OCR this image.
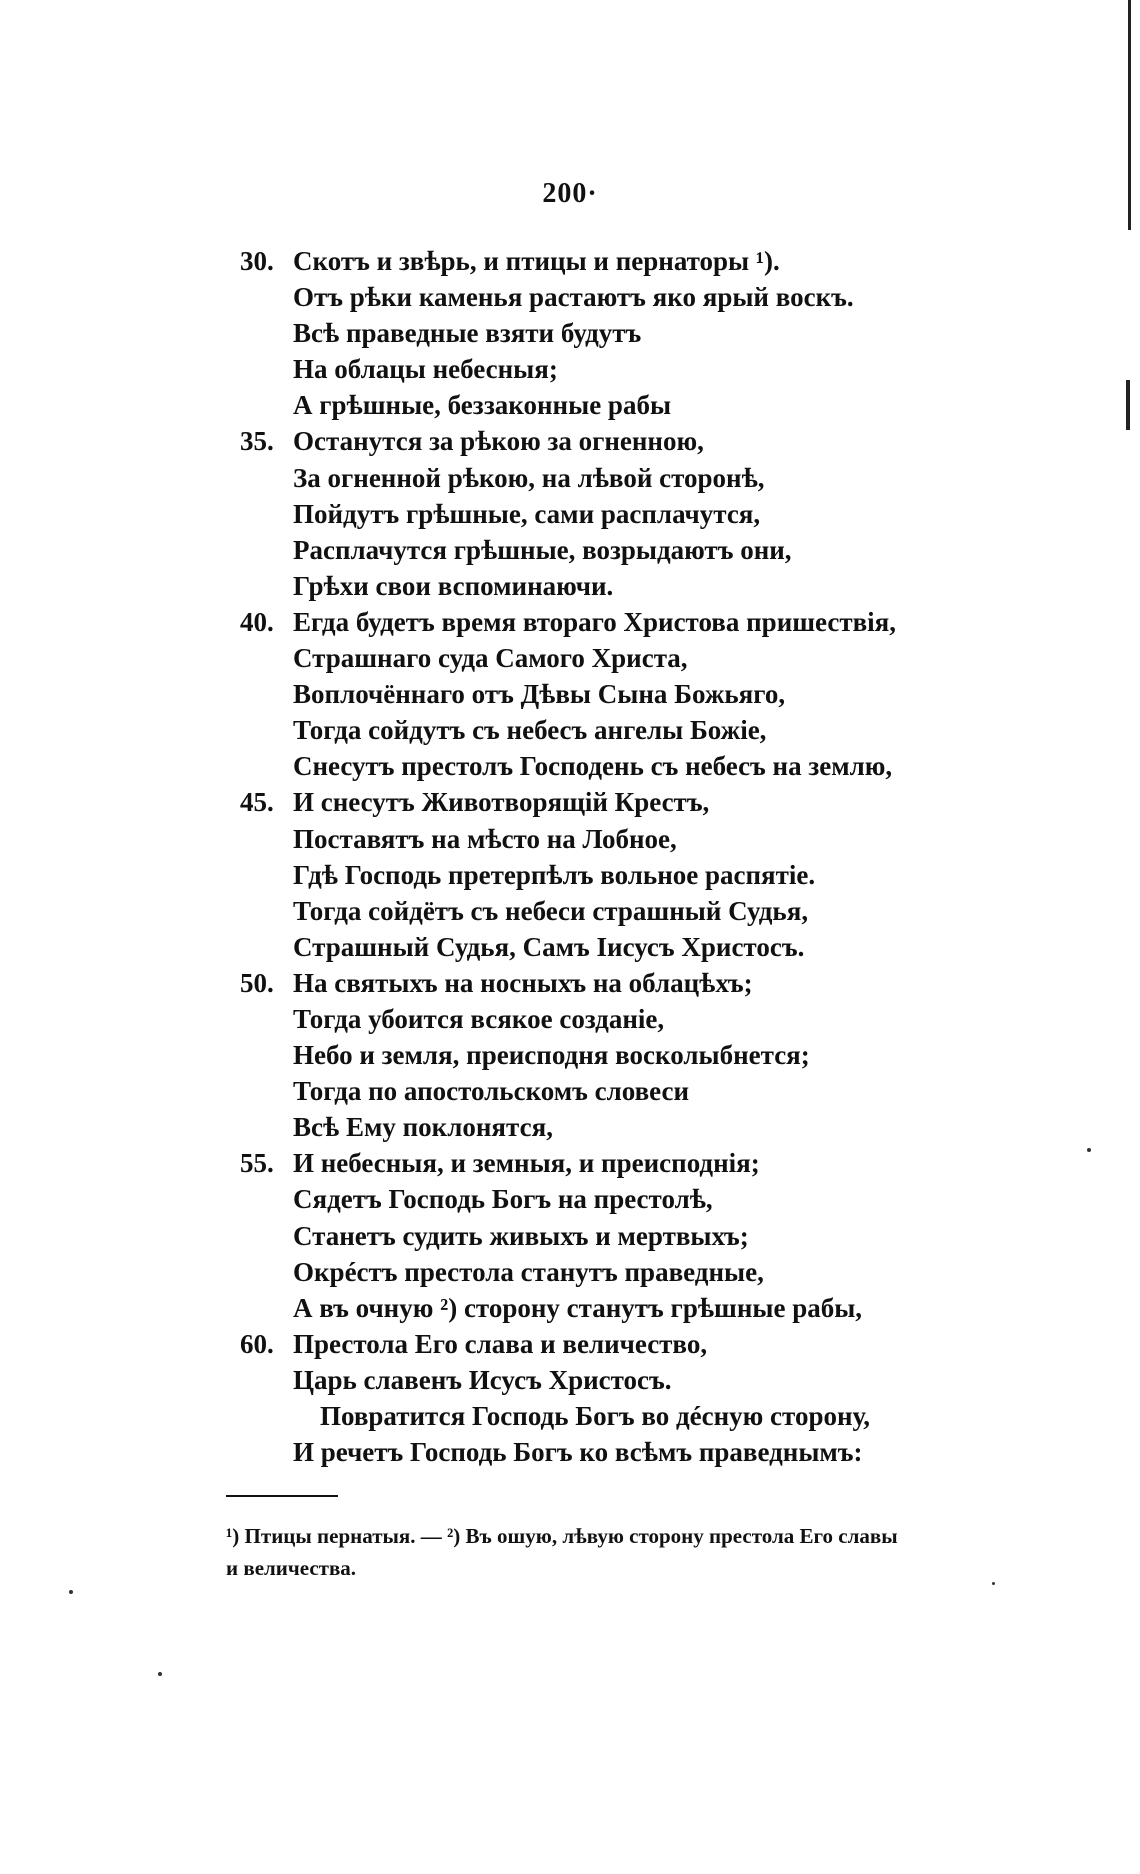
200·
30. Скотъ и звѣрь, и птицы и пернаторы ¹).
Отъ рѣки каменья растаютъ яко ярый воскъ.
Всѣ праведные взяти будутъ
На облацы небесныя;
А грѣшные, беззаконные рабы
35. Останутся за рѣкою за огненною,
За огненной рѣкою, на лѣвой сторонѣ,
Пойдутъ грѣшные, сами расплачутся,
Расплачутся грѣшные, возрыдаютъ они,
Грѣхи свои вспоминаючи.
40. Егда будетъ время втораго Христова пришествія,
Страшнаго суда Самого Христа,
Воплочённаго отъ Дѣвы Сына Божьяго,
Тогда сойдутъ съ небесъ ангелы Божіе,
Снесутъ престолъ Господень съ небесъ на землю,
45. И снесутъ Животворящій Крестъ,
Поставятъ на мѣсто на Лобное,
Гдѣ Господь претерпѣлъ вольное распятіе.
Тогда сойдётъ съ небеси страшный Судья,
Страшный Судья, Самъ Іисусъ Христосъ.
50. На святыхъ на носныхъ на облацѣхъ;
Тогда убоится всякое созданіе,
Небо и земля, преисподня восколыбнется;
Тогда по апостольскомъ словеси
Всѣ Ему поклонятся,
55. И небесныя, и земныя, и преисподнія;
Сядетъ Господь Богъ на престолѣ,
Станетъ судить живыхъ и мертвыхъ;
Окрéстъ престола станутъ праведные,
А въ очную ²) сторону станутъ грѣшные рабы,
60. Престола Его слава и величество,
Царь славенъ Исусъ Христосъ.
Повратится Господь Богъ во дéсную сторону,
И речетъ Господь Богъ ко всѣмъ праведнымъ:

¹) Птицы пернатыя. — ²) Въ ошую, лѣвую сторону престола Его славы

и величества.
